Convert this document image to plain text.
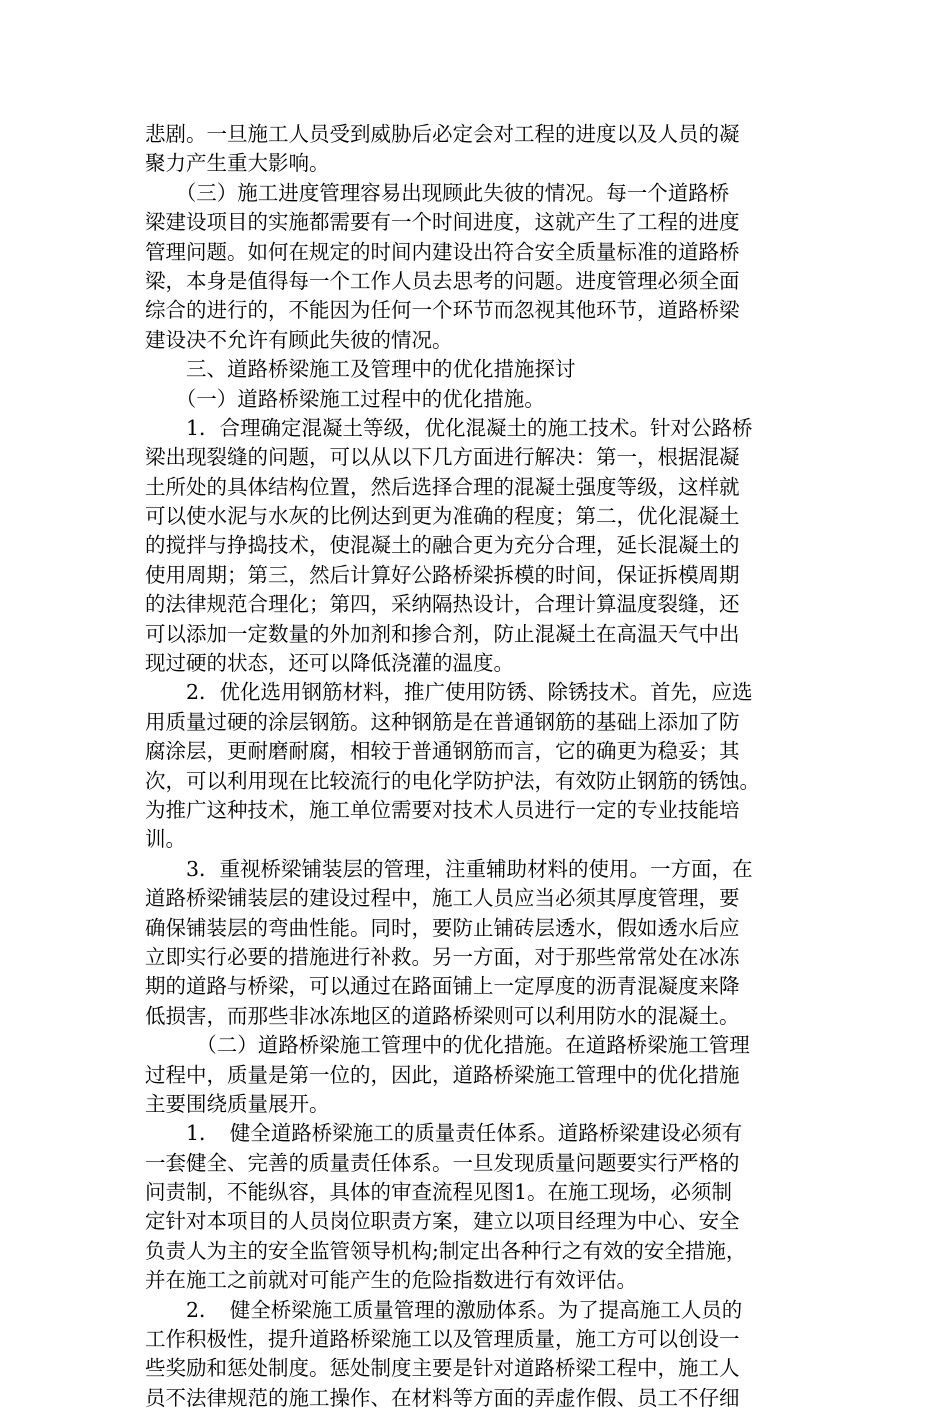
悲剧。一旦施工人员受到威胁后必定会对工程的进度以及人员的凝
聚力产生重大影响。
　　（三）施工进度管理容易出现顾此失彼的情况。每一个道路桥
梁建设项目的实施都需要有一个时间进度，这就产生了工程的进度
管理问题。如何在规定的时间内建设出符合安全质量标准的道路桥
梁，本身是值得每一个工作人员去思考的问题。进度管理必须全面
综合的进行的，不能因为任何一个环节而忽视其他环节，道路桥梁
建设决不允许有顾此失彼的情况。
　　三、道路桥梁施工及管理中的优化措施探讨
　　（一）道路桥梁施工过程中的优化措施。
　　1．合理确定混凝土等级，优化混凝土的施工技术。针对公路桥
梁出现裂缝的问题，可以从以下几方面进行解决：第一，根据混凝
土所处的具体结构位置，然后选择合理的混凝土强度等级，这样就
可以使水泥与水灰的比例达到更为准确的程度；第二，优化混凝土
的搅拌与挣捣技术，使混凝土的融合更为充分合理，延长混凝土的
使用周期；第三，然后计算好公路桥梁拆模的时间，保证拆模周期
的法律规范合理化；第四，采纳隔热设计，合理计算温度裂缝，还
可以添加一定数量的外加剂和掺合剂，防止混凝土在高温天气中出
现过硬的状态，还可以降低浇灌的温度。
　　2．优化选用钢筋材料，推广使用防锈、除锈技术。首先，应选
用质量过硬的涂层钢筋。这种钢筋是在普通钢筋的基础上添加了防
腐涂层，更耐磨耐腐，相较于普通钢筋而言，它的确更为稳妥；其
次，可以利用现在比较流行的电化学防护法，有效防止钢筋的锈蚀。
为推广这种技术，施工单位需要对技术人员进行一定的专业技能培
训。
　　3．重视桥梁铺装层的管理，注重辅助材料的使用。一方面，在
道路桥梁铺装层的建设过程中，施工人员应当必须其厚度管理，要
确保铺装层的弯曲性能。同时，要防止铺砖层透水，假如透水后应
立即实行必要的措施进行补救。另一方面，对于那些常常处在冰冻
期的道路与桥梁，可以通过在路面铺上一定厚度的沥青混凝度来降
低损害，而那些非冰冻地区的道路桥梁则可以利用防水的混凝土。
　　　（二）道路桥梁施工管理中的优化措施。在道路桥梁施工管理
过程中，质量是第一位的，因此，道路桥梁施工管理中的优化措施
主要围绕质量展开。
　　1．　健全道路桥梁施工的质量责任体系。道路桥梁建设必须有
一套健全、完善的质量责任体系。一旦发现质量问题要实行严格的
问责制，不能纵容，具体的审查流程见图1。在施工现场，必须制
定针对本项目的人员岗位职责方案，建立以项目经理为中心、安全
负责人为主的安全监管领导机构;制定出各种行之有效的安全措施，
并在施工之前就对可能产生的危险指数进行有效评估。
　　2．　健全桥梁施工质量管理的激励体系。为了提高施工人员的
工作积极性，提升道路桥梁施工以及管理质量，施工方可以创设一
些奖励和惩处制度。惩处制度主要是针对道路桥梁工程中，施工人
员不法律规范的施工操作、在材料等方面的弄虚作假、员工不仔细
